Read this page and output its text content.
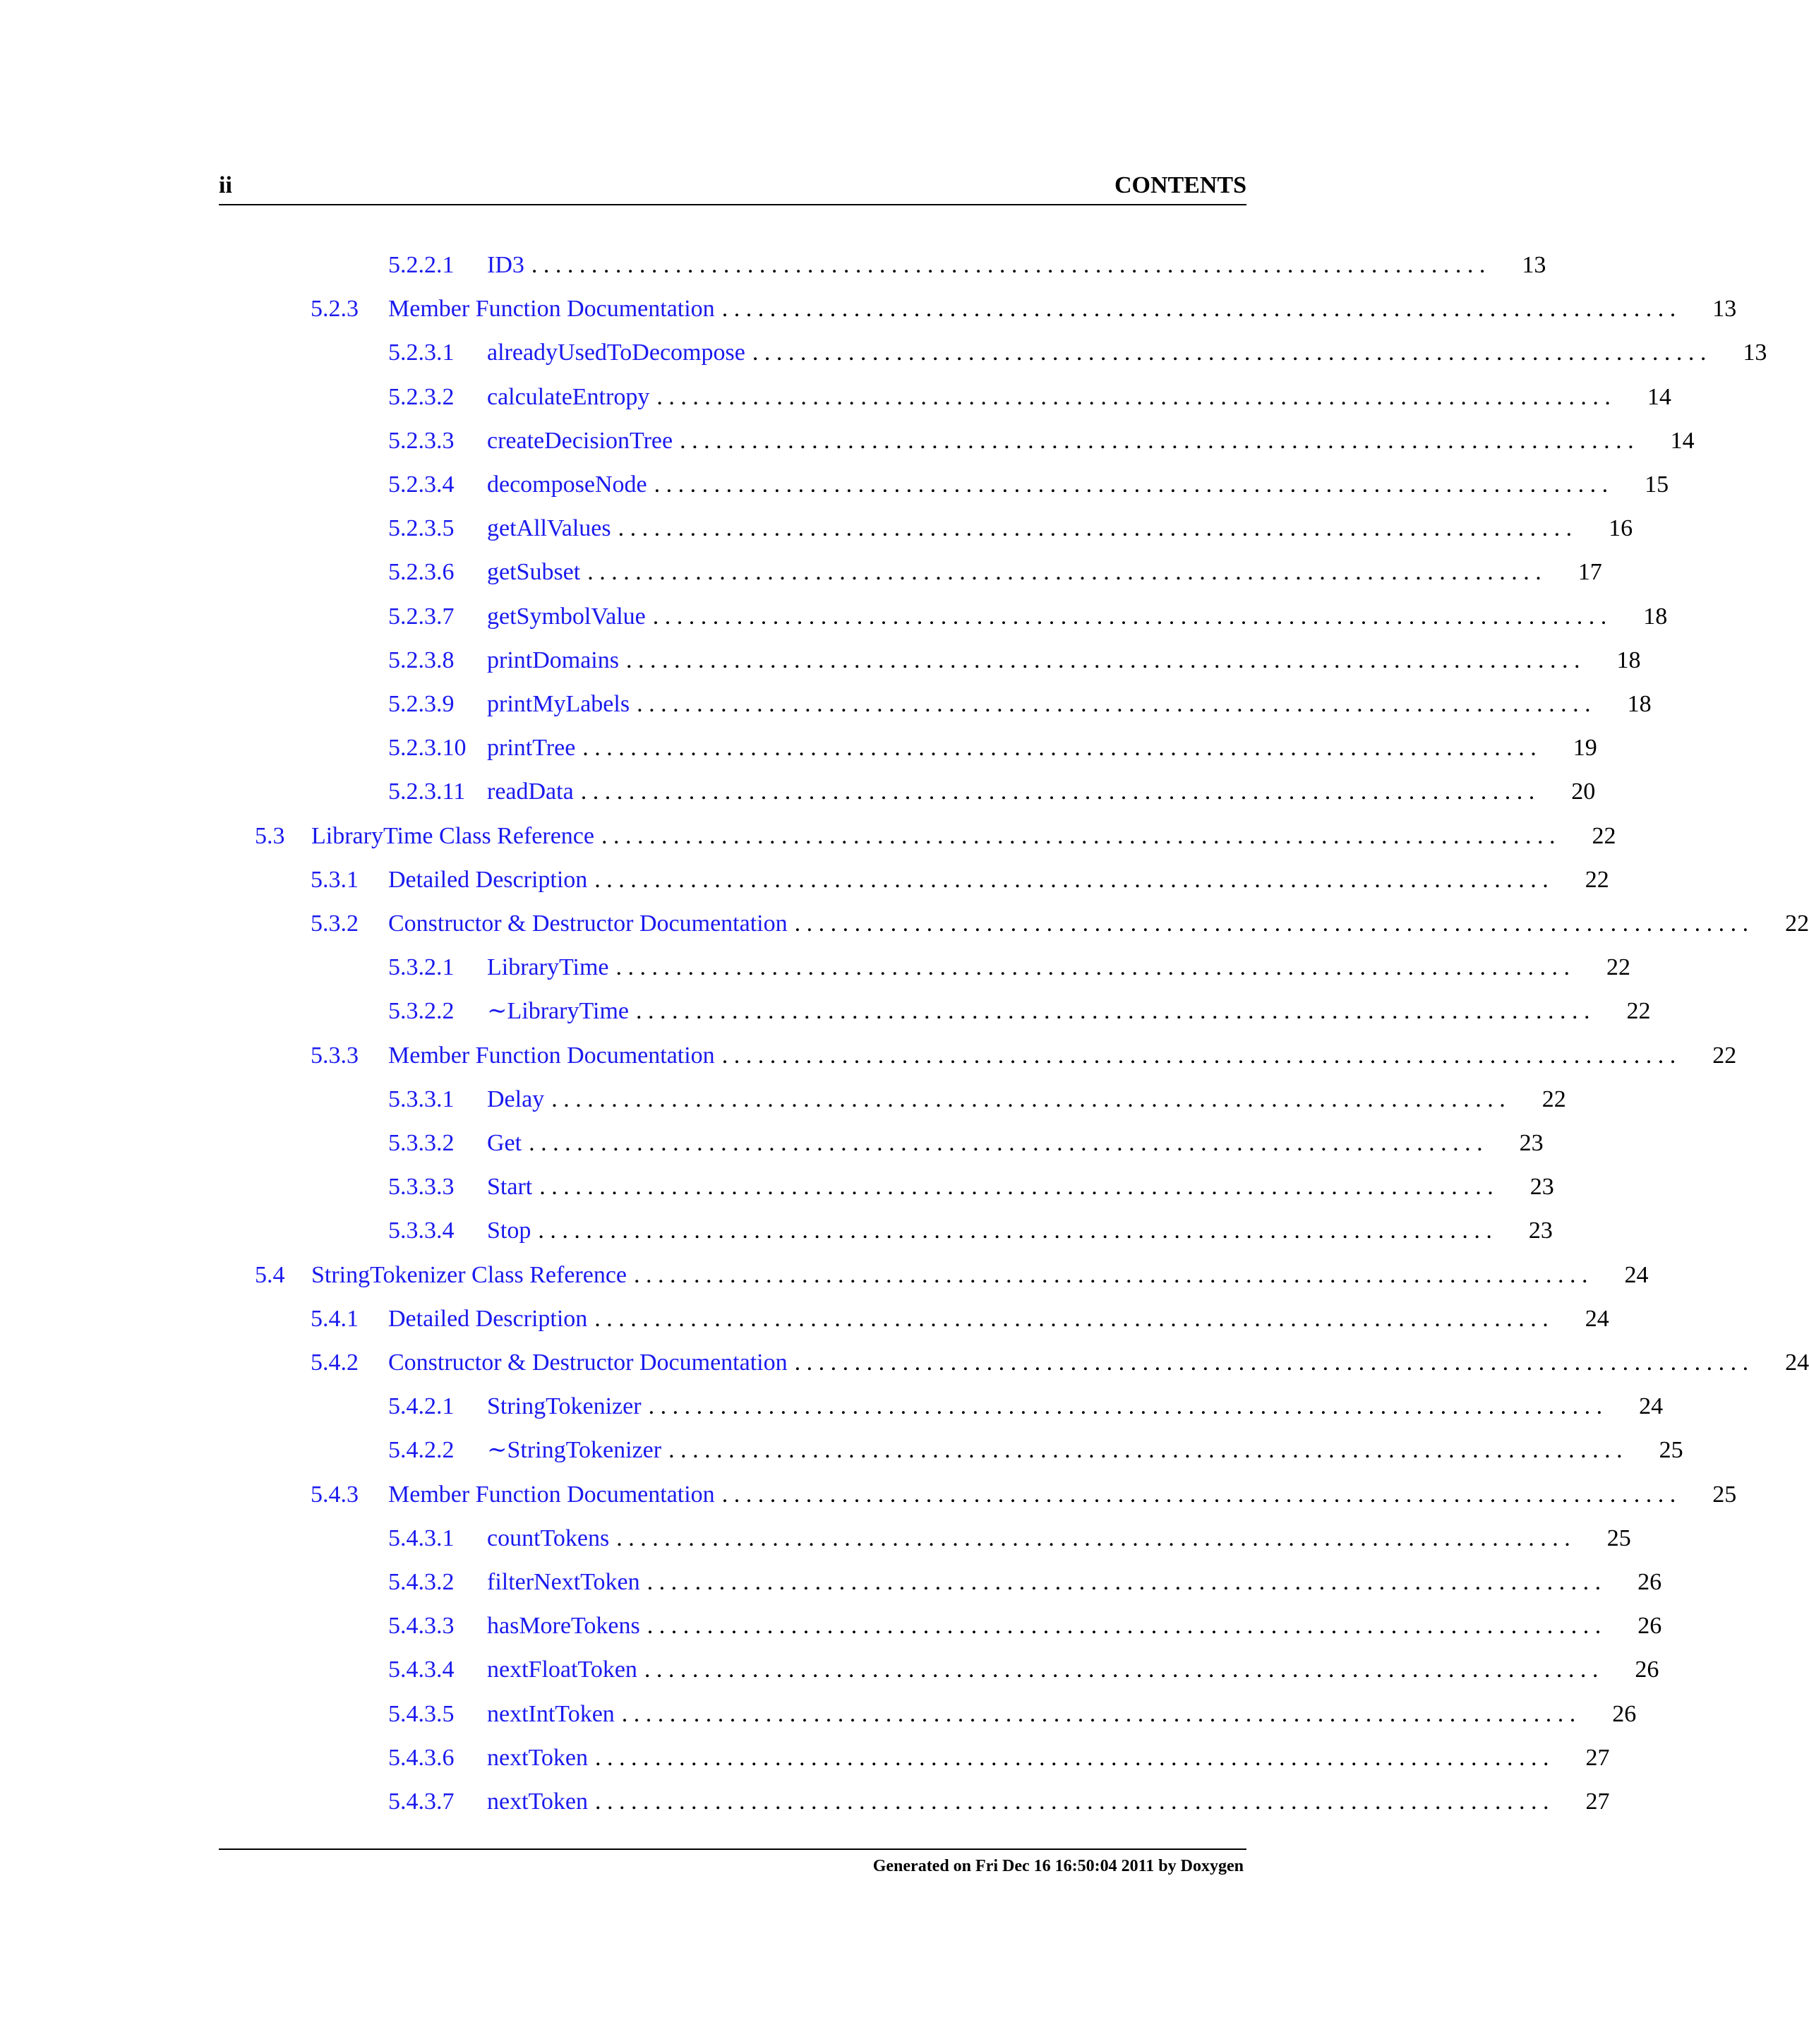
ii	CONTENTS
5.2.2.1	ID3 . . . . . . . . . . . . . . . . . . . . . . . . . . . . . . . . . . . . . . . . . . . . . . . . . . . . . . . . . . . . . . . . . . . . . . . . . . . . . . . .	13
5.2.3	Member Function Documentation . . . . . . . . . . . . . . . . . . . . . . . . . . . . . . . . . . . . . . . . . . . . . . . . . . . . . . . . . . . . . . . . . . . . . . . . . . . . . . . .	13
5.2.3.1	alreadyUsedToDecompose . . . . . . . . . . . . . . . . . . . . . . . . . . . . . . . . . . . . . . . . . . . . . . . . . . . . . . . . . . . . . . . . . . . . . . . . . . . . . . . .	13
5.2.3.2	calculateEntropy . . . . . . . . . . . . . . . . . . . . . . . . . . . . . . . . . . . . . . . . . . . . . . . . . . . . . . . . . . . . . . . . . . . . . . . . . . . . . . . .	14
5.2.3.3	createDecisionTree . . . . . . . . . . . . . . . . . . . . . . . . . . . . . . . . . . . . . . . . . . . . . . . . . . . . . . . . . . . . . . . . . . . . . . . . . . . . . . . .	14
5.2.3.4	decomposeNode . . . . . . . . . . . . . . . . . . . . . . . . . . . . . . . . . . . . . . . . . . . . . . . . . . . . . . . . . . . . . . . . . . . . . . . . . . . . . . . .	15
5.2.3.5	getAllValues . . . . . . . . . . . . . . . . . . . . . . . . . . . . . . . . . . . . . . . . . . . . . . . . . . . . . . . . . . . . . . . . . . . . . . . . . . . . . . . .	16
5.2.3.6	getSubset . . . . . . . . . . . . . . . . . . . . . . . . . . . . . . . . . . . . . . . . . . . . . . . . . . . . . . . . . . . . . . . . . . . . . . . . . . . . . . . .	17
5.2.3.7	getSymbolValue . . . . . . . . . . . . . . . . . . . . . . . . . . . . . . . . . . . . . . . . . . . . . . . . . . . . . . . . . . . . . . . . . . . . . . . . . . . . . . . .	18
5.2.3.8	printDomains . . . . . . . . . . . . . . . . . . . . . . . . . . . . . . . . . . . . . . . . . . . . . . . . . . . . . . . . . . . . . . . . . . . . . . . . . . . . . . . .	18
5.2.3.9	printMyLabels . . . . . . . . . . . . . . . . . . . . . . . . . . . . . . . . . . . . . . . . . . . . . . . . . . . . . . . . . . . . . . . . . . . . . . . . . . . . . . . .	18
5.2.3.10 printTree . . . . . . . . . . . . . . . . . . . . . . . . . . . . . . . . . . . . . . . . . . . . . . . . . . . . . . . . . . . . . . . . . . . . . . . . . . . . . . . .	19
5.2.3.11 readData . . . . . . . . . . . . . . . . . . . . . . . . . . . . . . . . . . . . . . . . . . . . . . . . . . . . . . . . . . . . . . . . . . . . . . . . . . . . . . . .	20
5.3	LibraryTime Class Reference . . . . . . . . . . . . . . . . . . . . . . . . . . . . . . . . . . . . . . . . . . . . . . . . . . . . . . . . . . . . . . . . . . . . . . . . . . . . . . . .	22
5.3.1	Detailed Description . . . . . . . . . . . . . . . . . . . . . . . . . . . . . . . . . . . . . . . . . . . . . . . . . . . . . . . . . . . . . . . . . . . . . . . . . . . . . . . .	22
5.3.2	Constructor & Destructor Documentation . . . . . . . . . . . . . . . . . . . . . . . . . . . . . . . . . . . . . . . . . . . . . . . . . . . . . . . . . . . . . . . . . . . . . . . . . . . . . . . .	22
5.3.2.1	LibraryTime . . . . . . . . . . . . . . . . . . . . . . . . . . . . . . . . . . . . . . . . . . . . . . . . . . . . . . . . . . . . . . . . . . . . . . . . . . . . . . . .	22
5.3.2.2	∼LibraryTime . . . . . . . . . . . . . . . . . . . . . . . . . . . . . . . . . . . . . . . . . . . . . . . . . . . . . . . . . . . . . . . . . . . . . . . . . . . . . . . .	22
5.3.3	Member Function Documentation . . . . . . . . . . . . . . . . . . . . . . . . . . . . . . . . . . . . . . . . . . . . . . . . . . . . . . . . . . . . . . . . . . . . . . . . . . . . . . . .	22
5.3.3.1	Delay . . . . . . . . . . . . . . . . . . . . . . . . . . . . . . . . . . . . . . . . . . . . . . . . . . . . . . . . . . . . . . . . . . . . . . . . . . . . . . . .	22
5.3.3.2	Get . . . . . . . . . . . . . . . . . . . . . . . . . . . . . . . . . . . . . . . . . . . . . . . . . . . . . . . . . . . . . . . . . . . . . . . . . . . . . . . .	23
5.3.3.3	Start . . . . . . . . . . . . . . . . . . . . . . . . . . . . . . . . . . . . . . . . . . . . . . . . . . . . . . . . . . . . . . . . . . . . . . . . . . . . . . . .	23
5.3.3.4	Stop . . . . . . . . . . . . . . . . . . . . . . . . . . . . . . . . . . . . . . . . . . . . . . . . . . . . . . . . . . . . . . . . . . . . . . . . . . . . . . . .	23
5.4	StringTokenizer Class Reference . . . . . . . . . . . . . . . . . . . . . . . . . . . . . . . . . . . . . . . . . . . . . . . . . . . . . . . . . . . . . . . . . . . . . . . . . . . . . . . .	24
5.4.1	Detailed Description . . . . . . . . . . . . . . . . . . . . . . . . . . . . . . . . . . . . . . . . . . . . . . . . . . . . . . . . . . . . . . . . . . . . . . . . . . . . . . . .	24
5.4.2	Constructor & Destructor Documentation . . . . . . . . . . . . . . . . . . . . . . . . . . . . . . . . . . . . . . . . . . . . . . . . . . . . . . . . . . . . . . . . . . . . . . . . . . . . . . . .	24
5.4.2.1	StringTokenizer . . . . . . . . . . . . . . . . . . . . . . . . . . . . . . . . . . . . . . . . . . . . . . . . . . . . . . . . . . . . . . . . . . . . . . . . . . . . . . . .	24
5.4.2.2	∼StringTokenizer . . . . . . . . . . . . . . . . . . . . . . . . . . . . . . . . . . . . . . . . . . . . . . . . . . . . . . . . . . . . . . . . . . . . . . . . . . . . . . . .	25
5.4.3	Member Function Documentation . . . . . . . . . . . . . . . . . . . . . . . . . . . . . . . . . . . . . . . . . . . . . . . . . . . . . . . . . . . . . . . . . . . . . . . . . . . . . . . .	25
5.4.3.1	countTokens . . . . . . . . . . . . . . . . . . . . . . . . . . . . . . . . . . . . . . . . . . . . . . . . . . . . . . . . . . . . . . . . . . . . . . . . . . . . . . . .	25
5.4.3.2	filterNextToken . . . . . . . . . . . . . . . . . . . . . . . . . . . . . . . . . . . . . . . . . . . . . . . . . . . . . . . . . . . . . . . . . . . . . . . . . . . . . . . .	26
5.4.3.3	hasMoreTokens . . . . . . . . . . . . . . . . . . . . . . . . . . . . . . . . . . . . . . . . . . . . . . . . . . . . . . . . . . . . . . . . . . . . . . . . . . . . . . . .	26
5.4.3.4	nextFloatToken . . . . . . . . . . . . . . . . . . . . . . . . . . . . . . . . . . . . . . . . . . . . . . . . . . . . . . . . . . . . . . . . . . . . . . . . . . . . . . . .	26
5.4.3.5	nextIntToken . . . . . . . . . . . . . . . . . . . . . . . . . . . . . . . . . . . . . . . . . . . . . . . . . . . . . . . . . . . . . . . . . . . . . . . . . . . . . . . .	26
5.4.3.6	nextToken . . . . . . . . . . . . . . . . . . . . . . . . . . . . . . . . . . . . . . . . . . . . . . . . . . . . . . . . . . . . . . . . . . . . . . . . . . . . . . . .	27
5.4.3.7	nextToken . . . . . . . . . . . . . . . . . . . . . . . . . . . . . . . . . . . . . . . . . . . . . . . . . . . . . . . . . . . . . . . . . . . . . . . . . . . . . . . .	27
Generated on Fri Dec 16 16:50:04 2011 by Doxygen
